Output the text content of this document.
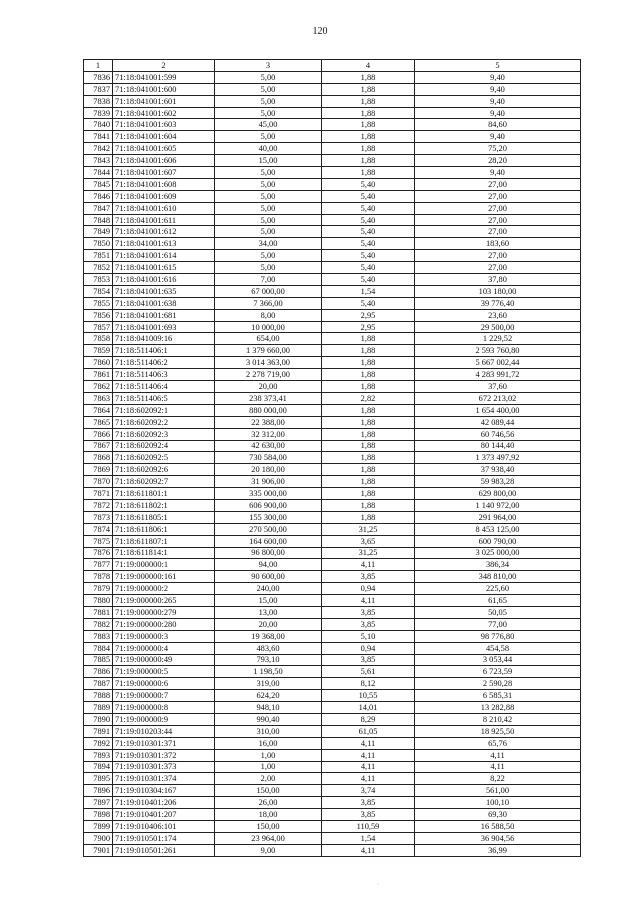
120
1	2	3	4	5
7836	71:18:041001:599	5,00	1,88	9,40
7837	71:18:041001:600	5,00	1,88	9,40
7838	71:18:041001:601	5,00	1,88	9,40
7839	71:18:041001:602	5,00	1,88	9,40
7840	71:18:041001:603	45,00	1,88	84,60
7841	71:18:041001:604	5,00	1,88	9,40
7842	71:18:041001:605	40,00	1,88	75,20
7843	71:18:041001:606	15,00	1,88	28,20
7844	71:18:041001:607	5,00	1,88	9,40
7845	71:18:041001:608	5,00	5,40	27,00
7846	71:18:041001:609	5,00	5,40	27,00
7847	71:18:041001:610	5,00	5,40	27,00
7848	71:18:041001:611	5,00	5,40	27,00
7849	71:18:041001:612	5,00	5,40	27,00
7850	71:18:041001:613	34,00	5,40	183,60
7851	71:18:041001:614	5,00	5,40	27,00
7852	71:18:041001:615	5,00	5,40	27,00
7853	71:18:041001:616	7,00	5,40	37,80
7854	71:18:041001:635	67 000,00	1,54	103 180,00
7855	71:18:041001:638	7 366,00	5,40	39 776,40
7856	71:18:041001:681	8,00	2,95	23,60
7857	71:18:041001:693	10 000,00	2,95	29 500,00
7858	71:18:041009:16	654,00	1,88	1 229,52
7859	71:18:511406:1	1 379 660,00	1,88	2 593 760,80
7860	71:18:511406:2	3 014 363,00	1,88	5 667 002,44
7861	71:18:511406:3	2 278 719,00	1,88	4 283 991,72
7862	71:18:511406:4	20,00	1,88	37,60
7863	71:18:511406:5	238 373,41	2,82	672 213,02
7864	71:18:602092:1	880 000,00	1,88	1 654 400,00
7865	71:18:602092:2	22 388,00	1,88	42 089,44
7866	71:18:602092:3	32 312,00	1,88	60 746,56
7867	71:18:602092:4	42 630,00	1,88	80 144,40
7868	71:18:602092:5	730 584,00	1,88	1 373 497,92
7869	71:18:602092:6	20 180,00	1,88	37 938,40
7870	71:18:602092:7	31 906,00	1,88	59 983,28
7871	71:18:611801:1	335 000,00	1,88	629 800,00
7872	71:18:611802:1	606 900,00	1,88	1 140 972,00
7873	71:18:611805:1	155 300,00	1,88	291 964,00
7874	71:18:611806:1	270 500,00	31,25	8 453 125,00
7875	71:18:611807:1	164 600,00	3,65	600 790,00
7876	71:18:611814:1	96 800,00	31,25	3 025 000,00
7877	71:19:000000:1	94,00	4,11	386,34
7878	71:19:000000:161	90 600,00	3,85	348 810,00
7879	71:19:000000:2	240,00	0,94	225,60
7880	71:19:000000:265	15,00	4,11	61,65
7881	71:19:000000:279	13,00	3,85	50,05
7882	71:19:000000:280	20,00	3,85	77,00
7883	71:19:000000:3	19 368,00	5,10	98 776,80
7884	71:19:000000:4	483,60	0,94	454,58
7885	71:19:000000:49	793,10	3,85	3 053,44
7886	71:19:000000:5	1 198,50	5,61	6 723,59
7887	71:19:000000:6	319,00	8,12	2 590,28
7888	71:19:000000:7	624,20	10,55	6 585,31
7889	71:19:000000:8	948,10	14,01	13 282,88
7890	71:19:000000:9	990,40	8,29	8 210,42
7891	71:19:010203:44	310,00	61,05	18 925,50
7892	71:19:010301:371	16,00	4,11	65,76
7893	71:19:010301:372	1,00	4,11	4,11
7894	71:19:010301:373	1,00	4,11	4,11
7895	71:19:010301:374	2,00	4,11	8,22
7896	71:19:010304:167	150,00	3,74	561,00
7897	71:19:010401:206	26,00	3,85	100,10
7898	71:19:010401:207	18,00	3,85	69,30
7899	71:19:010406:101	150,00	110,59	16 588,50
7900	71:19:010501:174	23 964,00	1,54	36 904,56
7901	71:19:010501:261	9,00	4,11	36,99
·
